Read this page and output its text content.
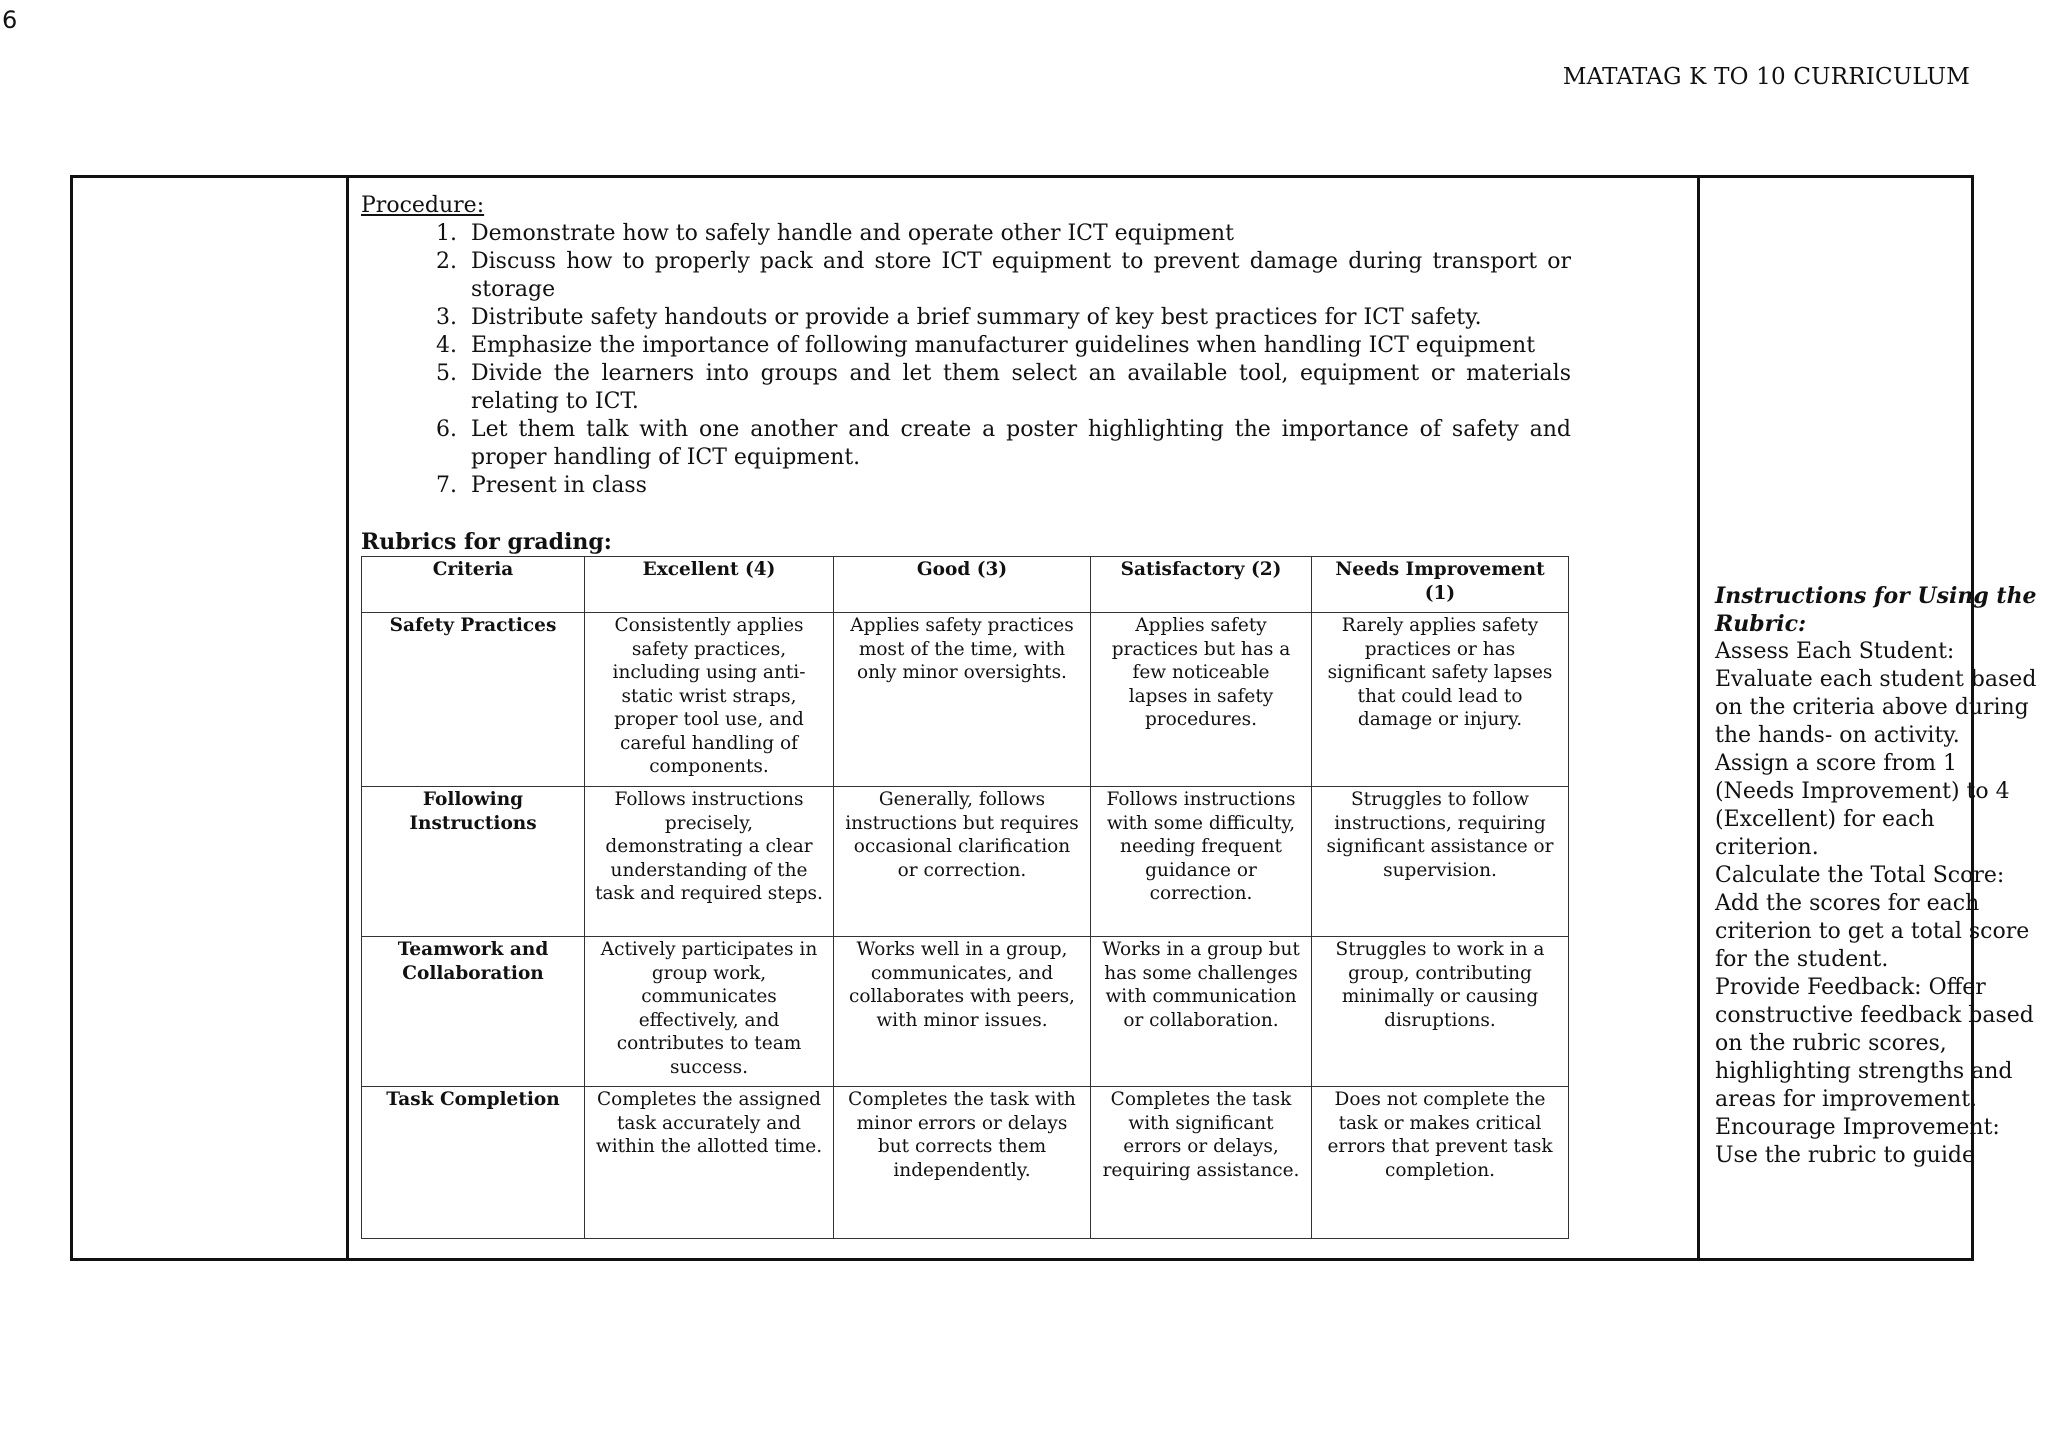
6
MATATAG K TO 10 CURRICULUM
Procedure:
1. Demonstrate how to safely handle and operate other ICT equipment
2. Discuss how to properly pack and store ICT equipment to prevent damage during transport or storage
3. Distribute safety handouts or provide a brief summary of key best practices for ICT safety.
4. Emphasize the importance of following manufacturer guidelines when handling ICT equipment
5. Divide the learners into groups and let them select an available tool, equipment or materials relating to ICT.
6. Let them talk with one another and create a poster highlighting the importance of safety and proper handling of ICT equipment.
7. Present in class
Rubrics for grading:
Criteria	Excellent (4)	Good (3)	Satisfactory (2)	Needs Improvement (1)
Safety Practices	Consistently applies safety practices, including using anti-static wrist straps, proper tool use, and careful handling of components.	Applies safety practices most of the time, with only minor oversights.	Applies safety practices but has a few noticeable lapses in safety procedures.	Rarely applies safety practices or has significant safety lapses that could lead to damage or injury.
Following Instructions	Follows instructions precisely, demonstrating a clear understanding of the task and required steps.	Generally, follows instructions but requires occasional clarification or correction.	Follows instructions with some difficulty, needing frequent guidance or correction.	Struggles to follow instructions, requiring significant assistance or supervision.
Teamwork and Collaboration	Actively participates in group work, communicates effectively, and contributes to team success.	Works well in a group, communicates, and collaborates with peers, with minor issues.	Works in a group but has some challenges with communication or collaboration.	Struggles to work in a group, contributing minimally or causing disruptions.
Task Completion	Completes the assigned task accurately and within the allotted time.	Completes the task with minor errors or delays but corrects them independently.	Completes the task with significant errors or delays, requiring assistance.	Does not complete the task or makes critical errors that prevent task completion.
Instructions for Using the Rubric:

Assess Each Student: Evaluate each student based on the criteria above during the hands- on activity. Assign a score from 1 (Needs Improvement) to 4 (Excellent) for each criterion.

Calculate the Total Score: Add the scores for each criterion to get a total score for the student.

Provide Feedback: Offer constructive feedback based on the rubric scores, highlighting strengths and areas for improvement.

Encourage Improvement: Use the rubric to guide
